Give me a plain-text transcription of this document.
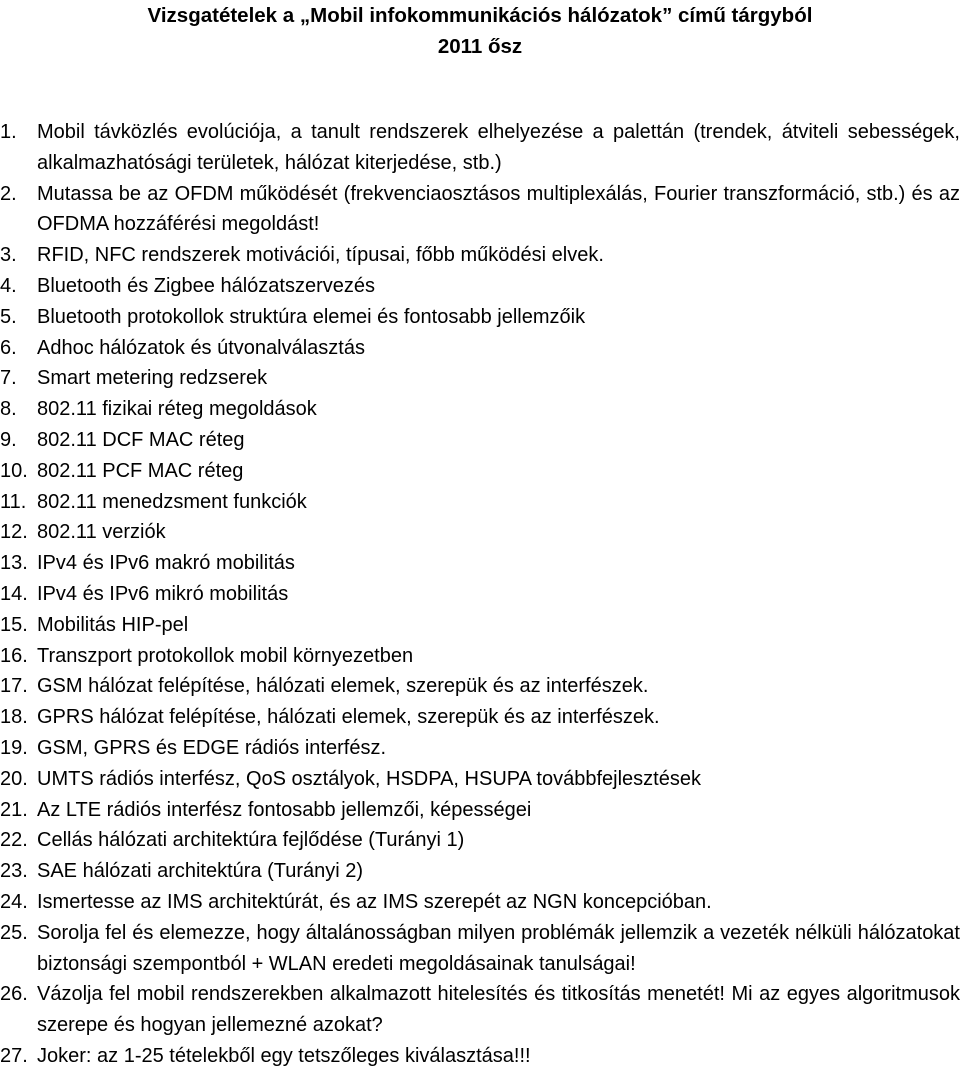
Vizsgatételek a „Mobil infokommunikációs hálózatok” című tárgyból
2011 ősz
1.	Mobil távközlés evolúciója, a tanult rendszerek elhelyezése a palettán (trendek, átviteli sebességek, alkalmazhatósági területek, hálózat kiterjedése, stb.)
2.	Mutassa be az OFDM működését (frekvenciaosztásos multiplexálás, Fourier transzformáció, stb.) és az OFDMA hozzáférési megoldást!
3.	RFID, NFC rendszerek motivációi, típusai, főbb működési elvek.
4.	Bluetooth és Zigbee hálózatszervezés
5.	Bluetooth protokollok struktúra elemei és fontosabb jellemzőik
6.	Adhoc hálózatok és útvonalválasztás
7.	Smart metering redzserek
8.	802.11 fizikai réteg megoldások
9.	802.11 DCF MAC réteg
10. 802.11 PCF MAC réteg
11. 802.11 menedzsment funkciók
12. 802.11 verziók
13. IPv4 és IPv6 makró mobilitás
14. IPv4 és IPv6 mikró mobilitás
15. Mobilitás HIP-pel
16. Transzport protokollok mobil környezetben
17. GSM hálózat felépítése, hálózati elemek, szerepük és az interfészek.
18. GPRS hálózat felépítése, hálózati elemek, szerepük és az interfészek.
19. GSM, GPRS és EDGE rádiós interfész.
20. UMTS rádiós interfész, QoS osztályok, HSDPA, HSUPA továbbfejlesztések
21. Az LTE rádiós interfész fontosabb jellemzői, képességei
22. Cellás hálózati architektúra fejlődése (Turányi 1)
23. SAE hálózati architektúra (Turányi 2)
24. Ismertesse az IMS architektúrát, és az IMS szerepét az NGN koncepcióban.
25. Sorolja fel és elemezze, hogy általánosságban milyen problémák jellemzik a vezeték nélküli hálózatokat biztonsági szempontból + WLAN eredeti megoldásainak tanulságai!
26. Vázolja fel mobil rendszerekben alkalmazott hitelesítés és titkosítás menetét! Mi az egyes algoritmusok szerepe és hogyan jellemezné azokat?
27. Joker: az 1-25 tételekből egy tetszőleges kiválasztása!!!
